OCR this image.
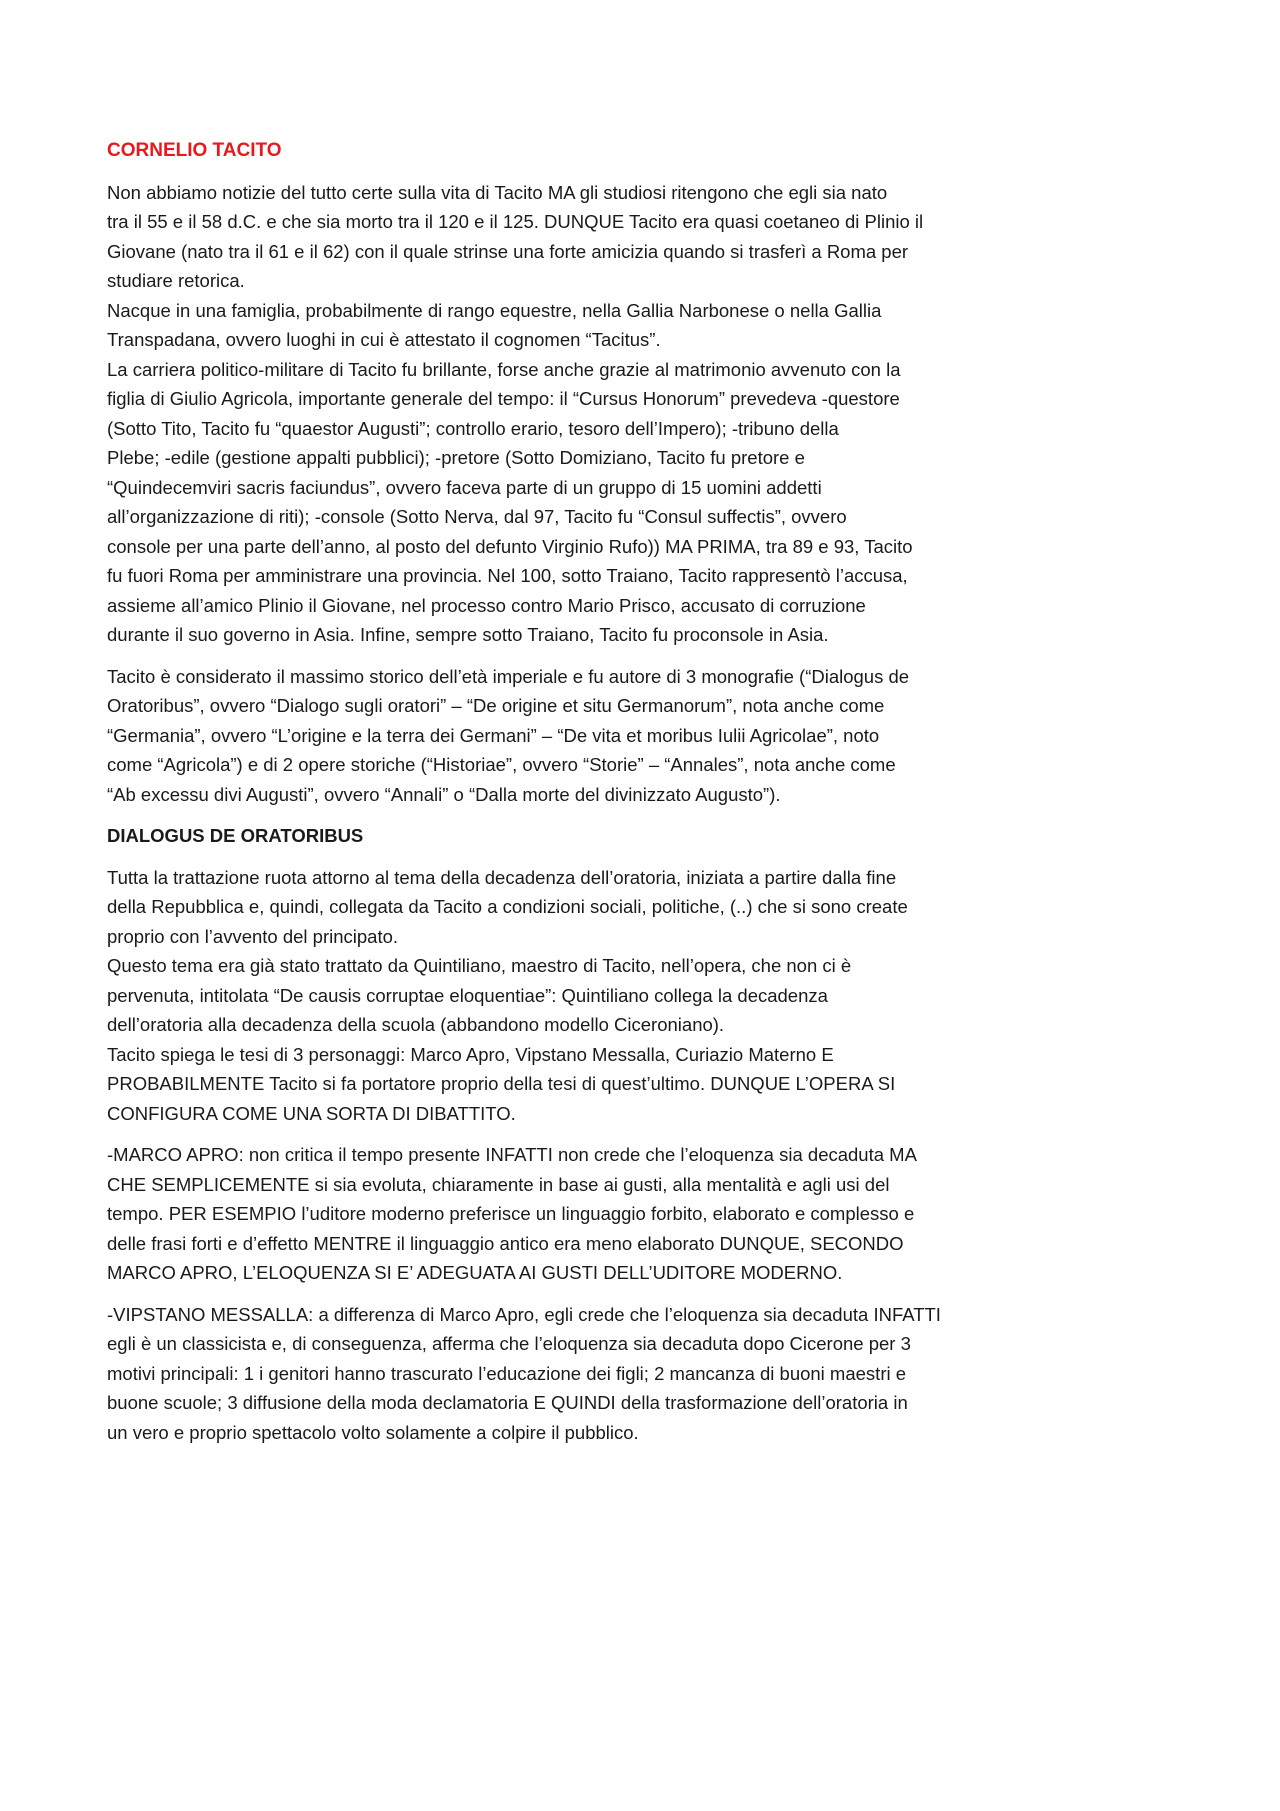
CORNELIO TACITO
Non abbiamo notizie del tutto certe sulla vita di Tacito MA gli studiosi ritengono che egli sia nato
tra il 55 e il 58 d.C. e che sia morto tra il 120 e il 125. DUNQUE Tacito era quasi coetaneo di Plinio il
Giovane (nato tra il 61 e il 62) con il quale strinse una forte amicizia quando si trasferì a Roma per
studiare retorica.
Nacque in una famiglia, probabilmente di rango equestre, nella Gallia Narbonese o nella Gallia
Transpadana, ovvero luoghi in cui è attestato il cognomen “Tacitus”.
La carriera politico-militare di Tacito fu brillante, forse anche grazie al matrimonio avvenuto con la
figlia di Giulio Agricola, importante generale del tempo: il “Cursus Honorum” prevedeva -questore
(Sotto Tito, Tacito fu “quaestor Augusti”; controllo erario, tesoro dell’Impero); -tribuno della
Plebe; -edile (gestione appalti pubblici); -pretore (Sotto Domiziano, Tacito fu pretore e
“Quindecemviri sacris faciundus”, ovvero faceva parte di un gruppo di 15 uomini addetti
all’organizzazione di riti); -console (Sotto Nerva, dal 97, Tacito fu “Consul suffectis”, ovvero
console per una parte dell’anno, al posto del defunto Virginio Rufo)) MA PRIMA, tra 89 e 93, Tacito
fu fuori Roma per amministrare una provincia. Nel 100, sotto Traiano, Tacito rappresentò l’accusa,
assieme all’amico Plinio il Giovane, nel processo contro Mario Prisco, accusato di corruzione
durante il suo governo in Asia. Infine, sempre sotto Traiano, Tacito fu proconsole in Asia.
Tacito è considerato il massimo storico dell’età imperiale e fu autore di 3 monografie (“Dialogus de
Oratoribus”, ovvero “Dialogo sugli oratori” – “De origine et situ Germanorum”, nota anche come
“Germania”, ovvero “L’origine e la terra dei Germani” – “De vita et moribus Iulii Agricolae”, noto
come “Agricola”) e di 2 opere storiche (“Historiae”, ovvero “Storie” – “Annales”, nota anche come
“Ab excessu divi Augusti”, ovvero “Annali” o “Dalla morte del divinizzato Augusto”).
DIALOGUS DE ORATORIBUS
Tutta la trattazione ruota attorno al tema della decadenza dell’oratoria, iniziata a partire dalla fine
della Repubblica e, quindi, collegata da Tacito a condizioni sociali, politiche, (..) che si sono create
proprio con l’avvento del principato.
Questo tema era già stato trattato da Quintiliano, maestro di Tacito, nell’opera, che non ci è
pervenuta, intitolata “De causis corruptae eloquentiae”: Quintiliano collega la decadenza
dell’oratoria alla decadenza della scuola (abbandono modello Ciceroniano).
Tacito spiega le tesi di 3 personaggi: Marco Apro, Vipstano Messalla, Curiazio Materno E
PROBABILMENTE Tacito si fa portatore proprio della tesi di quest’ultimo. DUNQUE L’OPERA SI
CONFIGURA COME UNA SORTA DI DIBATTITO.
-MARCO APRO: non critica il tempo presente INFATTI non crede che l’eloquenza sia decaduta MA
CHE SEMPLICEMENTE si sia evoluta, chiaramente in base ai gusti, alla mentalità e agli usi del
tempo. PER ESEMPIO l’uditore moderno preferisce un linguaggio forbito, elaborato e complesso e
delle frasi forti e d’effetto MENTRE il linguaggio antico era meno elaborato DUNQUE, SECONDO
MARCO APRO, L’ELOQUENZA SI E’ ADEGUATA AI GUSTI DELL’UDITORE MODERNO.
-VIPSTANO MESSALLA: a differenza di Marco Apro, egli crede che l’eloquenza sia decaduta INFATTI
egli è un classicista e, di conseguenza, afferma che l’eloquenza sia decaduta dopo Cicerone per 3
motivi principali: 1 i genitori hanno trascurato l’educazione dei figli; 2 mancanza di buoni maestri e
buone scuole; 3 diffusione della moda declamatoria E QUINDI della trasformazione dell’oratoria in
un vero e proprio spettacolo volto solamente a colpire il pubblico.
